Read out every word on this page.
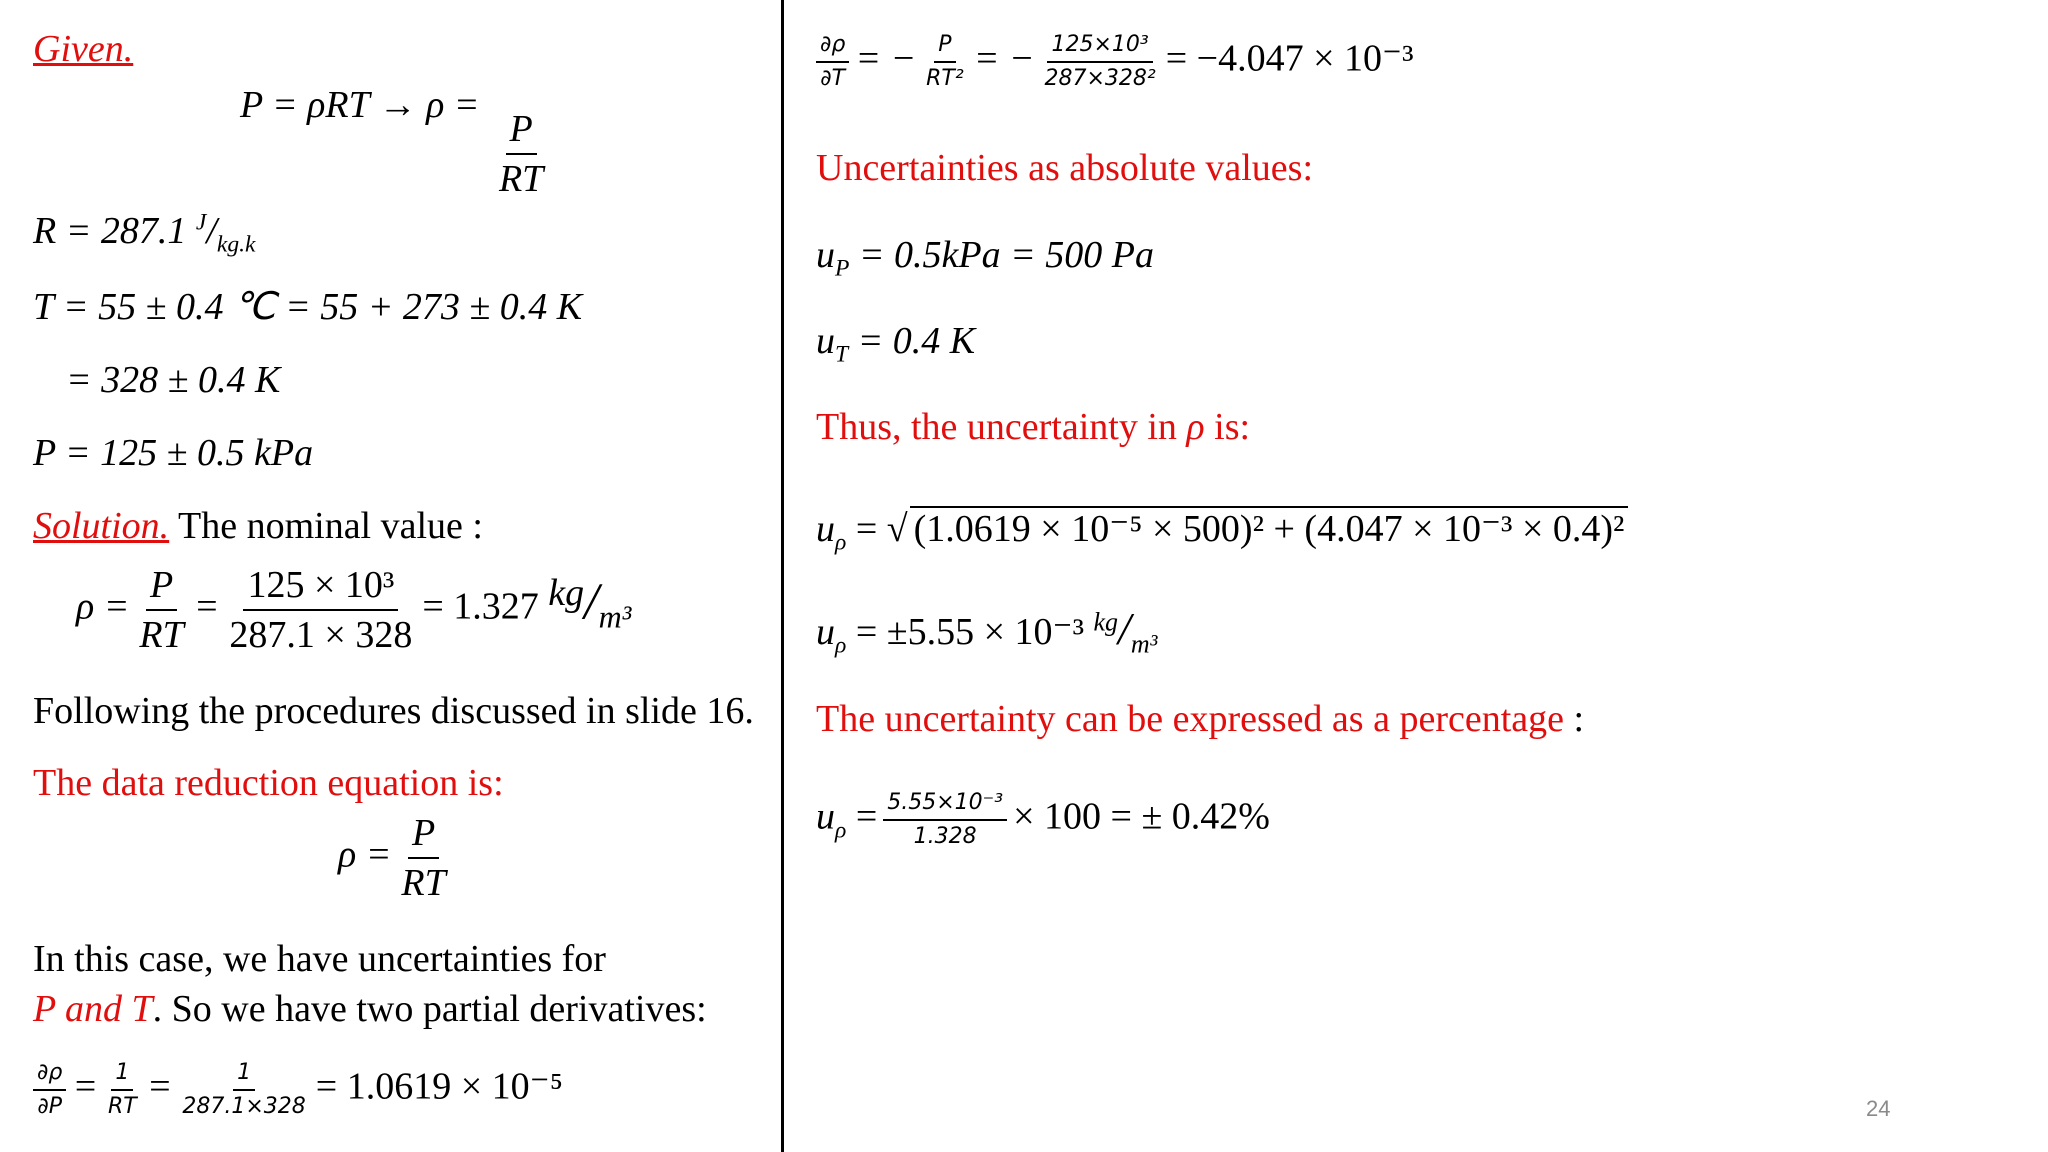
Given.
P = ρRT → ρ =
$\frac{P}{RT}$
R = 287.1 $^J/_{kg.k}$
T = 55 ± 0.4 ℃ = 55 + 273 ± 0.4 K
= 328 ± 0.4 K
P = 125 ± 0.5 kPa
Solution. The nominal value :
$\rho = \frac{P}{RT} = \frac{\text{125 × 10³}}{287.1 \times 328} = 1.327$ $^{kg}/_{m^3}$
Following the procedures discussed in slide 16.
The data reduction equation is:
$\rho = \frac{P}{RT}$
In this case, we have uncertainties for
P and T. So we have two partial derivatives:
$\frac{\partial\rho}{\partial P} = \frac{1}{RT} = \frac{1}{287.1\times 328} = 1.0619 \times 10^{-5}$
$\frac{\partial\rho}{\partial T}$ = − $\frac{P}{\text{RT²}}$ = − $\frac{\text{125×10³}}{\text{287×328²}} = -4.047 \times 10^{-3}$
Uncertainties as absolute values:
$u_P = 0.5kPa = 500$ Pa
$u_T = 0.4$ K
Thus, the uncertainty in ρ is:
$u_\rho$ = √ (1.0619 × 10⁻⁵ × 500)² + (4.047 × 10⁻³ × 0.4)²
$u_\rho = \pm 5.55 \times 10^{-3}$ $^{kg}/_{m^3}$
The uncertainty can be expressed as a percentage :
$u_\rho = \frac{\text{5.55×10⁻³}}{1.328} \times 100$ = ± 0.42%
24
